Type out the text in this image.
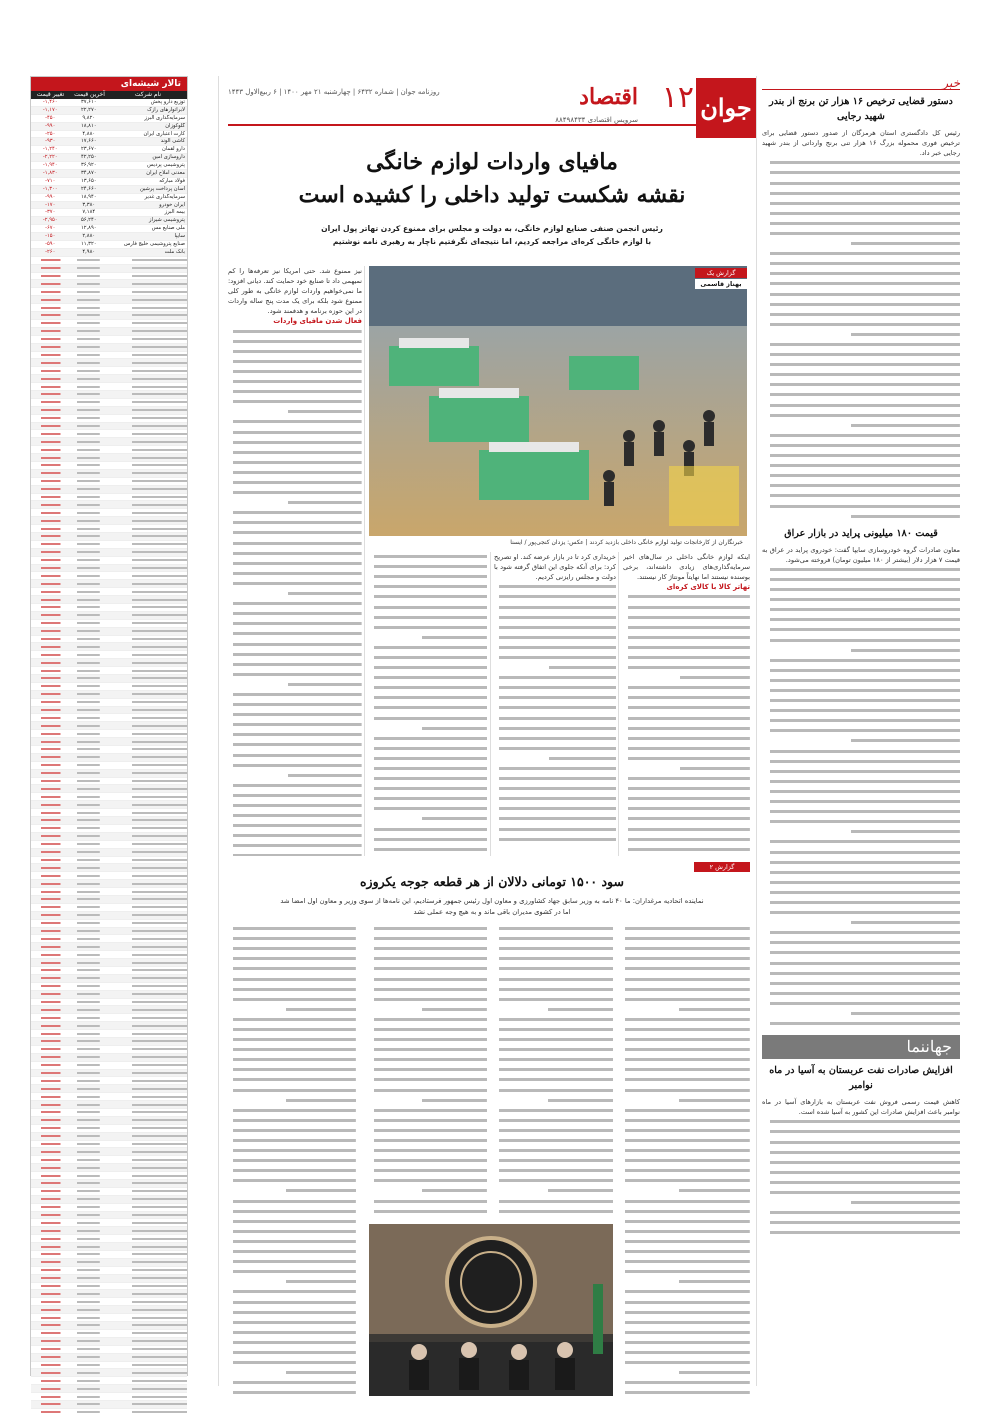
تالار شیشه‌ای
نام شرکت
آخرین قیمت
تغییر قیمت
توزیع دارو پخش
۳۷,۶۱۰
۱,۴۶۰-
لابراتوارهای رازک
۲۲,۲۷۰
۱,۱۷۰-
سرمایه‌گذاری البرز
۹,۸۲۰
۴۵۰-
گلوکوزان
۱۸,۸۱۰
۹۹۰-
کارت اعتباری ایران
۴,۸۸۰
۲۵۰-
کاشی الوند
۱۷,۶۶۰
۹۳۰-
دارو لقمان
۲۳,۶۷۰
۱,۲۴۰-
داروسازی امین
۴۲,۲۵۰
۲,۲۲۰-
پتروشیمی پردیس
۳۶,۹۲۰
۱,۹۴۰-
معدنی املاح ایران
۳۴,۸۷۰
۱,۸۳۰-
فولاد مبارکه
۱۳,۶۵۰
۷۱۰-
آسان پرداخت پرشین
۲۴,۶۶۰
۱,۳۰۰-
سرمایه‌گذاری غدیر
۱۸,۹۴۰
۹۹۰-
ایران خودرو
۳,۳۸۰
۱۷۰-
بیمه البرز
۷,۱۸۴
۳۷۰-
پتروشیمی شیراز
۵۶,۲۴۰
۲,۹۵۰-
ملی صنایع مس
۱۲,۸۹۰
۶۷۰-
سایپا
۲,۸۸۰
۱۵۰-
صنایع پتروشیمی خلیج فارس
۱۱,۳۲۰
۵۹۰-
بانک ملت
۴,۹۸۰
۲۶۰-
جوان
۱۲
اقتصاد
سرویس اقتصادی ۸۸۴۹۸۴۳۴
روزنامه جوان | شماره ۶۴۳۲ | چهارشنبه ۲۱ مهر ۱۴۰۰ | ۶ ربیع‌الاول ۱۴۴۳
مافیای واردات لوازم خانگی
نقشه شکست تولید داخلی را کشیده است
رئیس انجمن صنفی صنایع لوازم خانگی، به دولت و مجلس برای ممنوع کردن تهاتر پول ایران
با لوازم خانگی کره‌ای مراجعه کردیم، اما نتیجه‌ای نگرفتیم ناچار به رهبری نامه نوشتیم
گزارش یک
بهناز قاسمی
خبرنگاران از کارخانجات تولید لوازم خانگی داخلی بازدید کردند | عکس: یزدان کنجی‌پور / ایسنا
نیز ممنوع شد. حتی امریکا نیز تعرفه‌ها را کم نمیهمی داد تا صنایع خود حمایت کند. دیانی افزود: ما نمی‌خواهیم واردات لوازم خانگی به طور کلی ممنوع شود بلکه برای یک مدت پنج ساله واردات در این حوزه برنامه و هدفمند شود.
فعال شدن مافیای واردات
خریداری کرد تا در بازار عرضه کند. او تصریح کرد: برای آنکه جلوی این اتفاق گرفته شود با دولت و مجلس رایزنی کردیم.
اینکه لوازم خانگی داخلی در سال‌های اخیر سرمایه‌گذاری‌های زیادی داشته‌اند، برخی بوسنده نیستند اما نهایتاً مونتاژ کار نیستند.
تهاتر کالا با کالای کره‌ای
گزارش ۲
سود ۱۵۰۰ تومانی دلالان از هر قطعه جوجه یکروزه
نماینده اتحادیه مرغداران: ما ۴۰ نامه به وزیر سابق جهاد کشاورزی و معاون اول رئیس جمهور فرستادیم، این نامه‌ها از سوی وزیر و معاون اول امضا شد
اما در کشوی مدیران باقی ماند و به هیچ وجه عملی نشد
خبر
دستور قضایی ترخیص ۱۶ هزار تن برنج از بندر شهید رجایی
رئیس کل داد‌گستری استان هرمزگان از صدور دستور قضایی برای ترخیص فوری محموله بزرگ ۱۶ هزار تنی برنج وارداتی از بندر شهید رجایی خبر داد.
قیمت ۱۸۰ میلیونی پراید در بازار عراق
معاون صادرات گروه خودروسازی سایپا گفت: خودروی پراید در عراق به قیمت ۷ هزار دلار (بیشتر از ۱۸۰ میلیون تومان) فروخته می‌شود.
جهاننما
افزایش صادرات نفت عربستان به آسیا در ماه نوامبر
کاهش قیمت رسمی فروش نفت عربستان به بازارهای آسیا در ماه نوامبر باعث افزایش صادرات این کشور به آسیا شده است.
